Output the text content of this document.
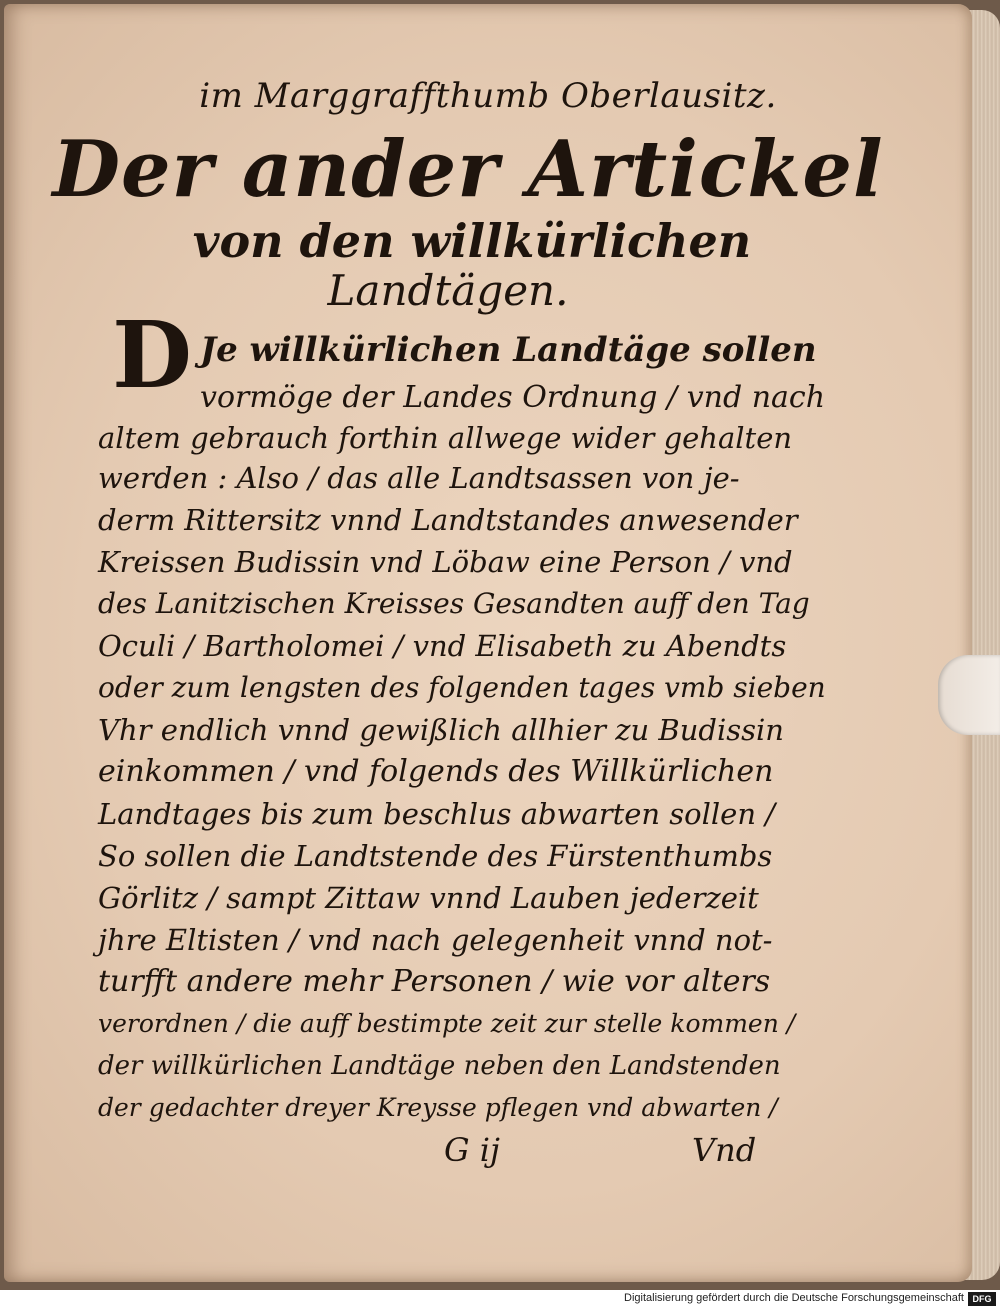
im Marggraffthumb Oberlausitz.
Der ander Artickel
von den willkürlichen
Landtägen.
D Je willkürlichen Landtäge sollen
vormöge der Landes Ordnung / vnd nach
altem gebrauch forthin allwege wider gehalten
werden : Also / das alle Landtsassen von je-
derm Rittersitz vnnd Landtstandes anwesender
Kreissen Budissin vnd Löbaw eine Person / vnd
des Lanitzischen Kreisses Gesandten auff den Tag
Oculi / Bartholomei / vnd Elisabeth zu Abendts
oder zum lengsten des folgenden tages vmb sieben
Vhr endlich vnnd gewißlich allhier zu Budissin
einkommen / vnd folgends des Willkürlichen
Landtages bis zum beschlus abwarten sollen /
So sollen die Landtstende des Fürstenthumbs
Görlitz / sampt Zittaw vnnd Lauben jederzeit
jhre Eltisten / vnd nach gelegenheit vnnd not-
turfft andere mehr Personen / wie vor alters
verordnen / die auff bestimpte zeit zur stelle kommen /
der willkürlichen Landtäge neben den Landstenden
der gedachter dreyer Kreysse pflegen vnd abwarten /
G ij	Vnd
Digitalisierung gefördert durch die Deutsche Forschungsgemeinschaft DFG
